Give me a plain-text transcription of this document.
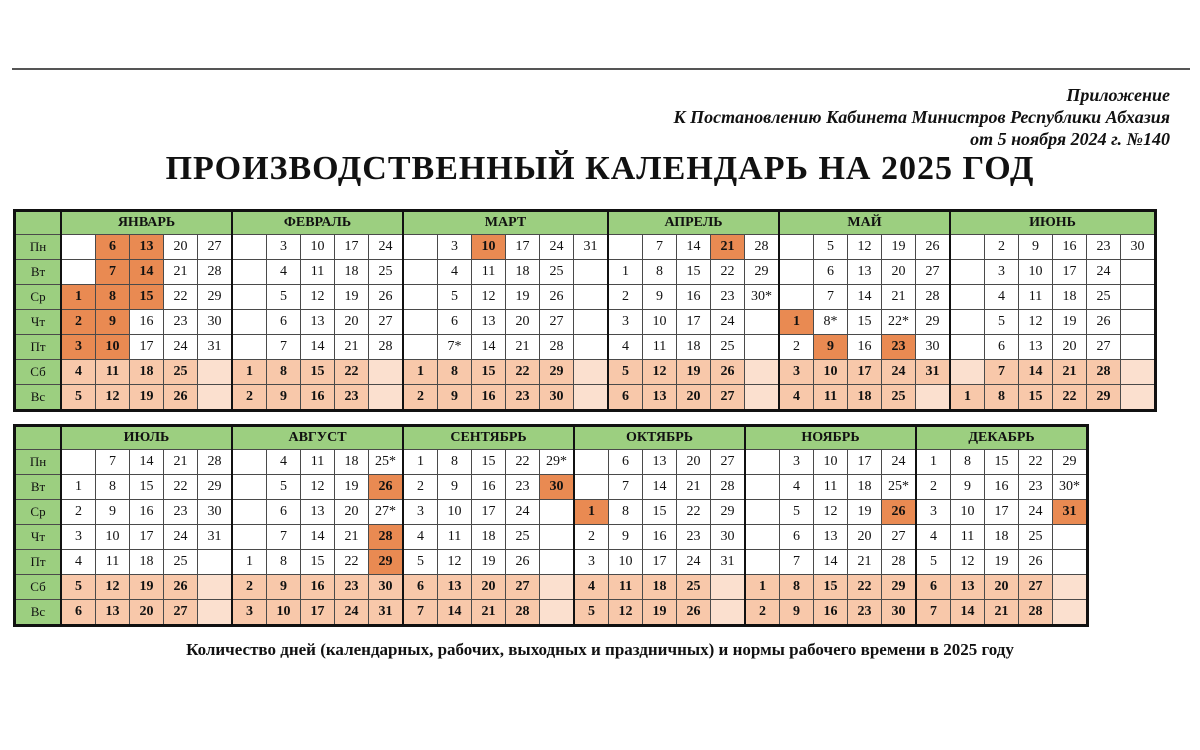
Приложение
К Постановлению Кабинета Министров Республики Абхазия
от 5 ноября 2024 г. №140
ПРОИЗВОДСТВЕННЫЙ КАЛЕНДАРЬ НА 2025 ГОД
	ЯНВАРЬ					ФЕВРАЛЬ					МАРТ						АПРЕЛЬ					МАЙ					ИЮНЬ					
Пн		6	13	20	27		3	10	17	24		3	10	17	24	31		7	14	21	28		5	12	19	26		2	9	16	23	30
Вт		7	14	21	28		4	11	18	25		4	11	18	25		1	8	15	22	29		6	13	20	27		3	10	17	24	
Ср	1	8	15	22	29		5	12	19	26		5	12	19	26		2	9	16	23	30*		7	14	21	28		4	11	18	25	
Чт	2	9	16	23	30		6	13	20	27		6	13	20	27		3	10	17	24		1	8*	15	22*	29		5	12	19	26	
Пт	3	10	17	24	31		7	14	21	28		7*	14	21	28		4	11	18	25		2	9	16	23	30		6	13	20	27	
Сб	4	11	18	25		1	8	15	22		1	8	15	22	29		5	12	19	26		3	10	17	24	31		7	14	21	28	
Вс	5	12	19	26		2	9	16	23		2	9	16	23	30		6	13	20	27		4	11	18	25		1	8	15	22	29	
	ИЮЛЬ					АВГУСТ					СЕНТЯБРЬ					ОКТЯБРЬ					НОЯБРЬ					ДЕКАБРЬ				
Пн		7	14	21	28		4	11	18	25*	1	8	15	22	29*		6	13	20	27		3	10	17	24	1	8	15	22	29
Вт	1	8	15	22	29		5	12	19	26	2	9	16	23	30		7	14	21	28		4	11	18	25*	2	9	16	23	30*
Ср	2	9	16	23	30		6	13	20	27*	3	10	17	24		1	8	15	22	29		5	12	19	26	3	10	17	24	31
Чт	3	10	17	24	31		7	14	21	28	4	11	18	25		2	9	16	23	30		6	13	20	27	4	11	18	25	
Пт	4	11	18	25		1	8	15	22	29	5	12	19	26		3	10	17	24	31		7	14	21	28	5	12	19	26	
Сб	5	12	19	26		2	9	16	23	30	6	13	20	27		4	11	18	25		1	8	15	22	29	6	13	20	27	
Вс	6	13	20	27		3	10	17	24	31	7	14	21	28		5	12	19	26		2	9	16	23	30	7	14	21	28	
Количество дней (календарных, рабочих, выходных и праздничных) и нормы рабочего времени в 2025 году
